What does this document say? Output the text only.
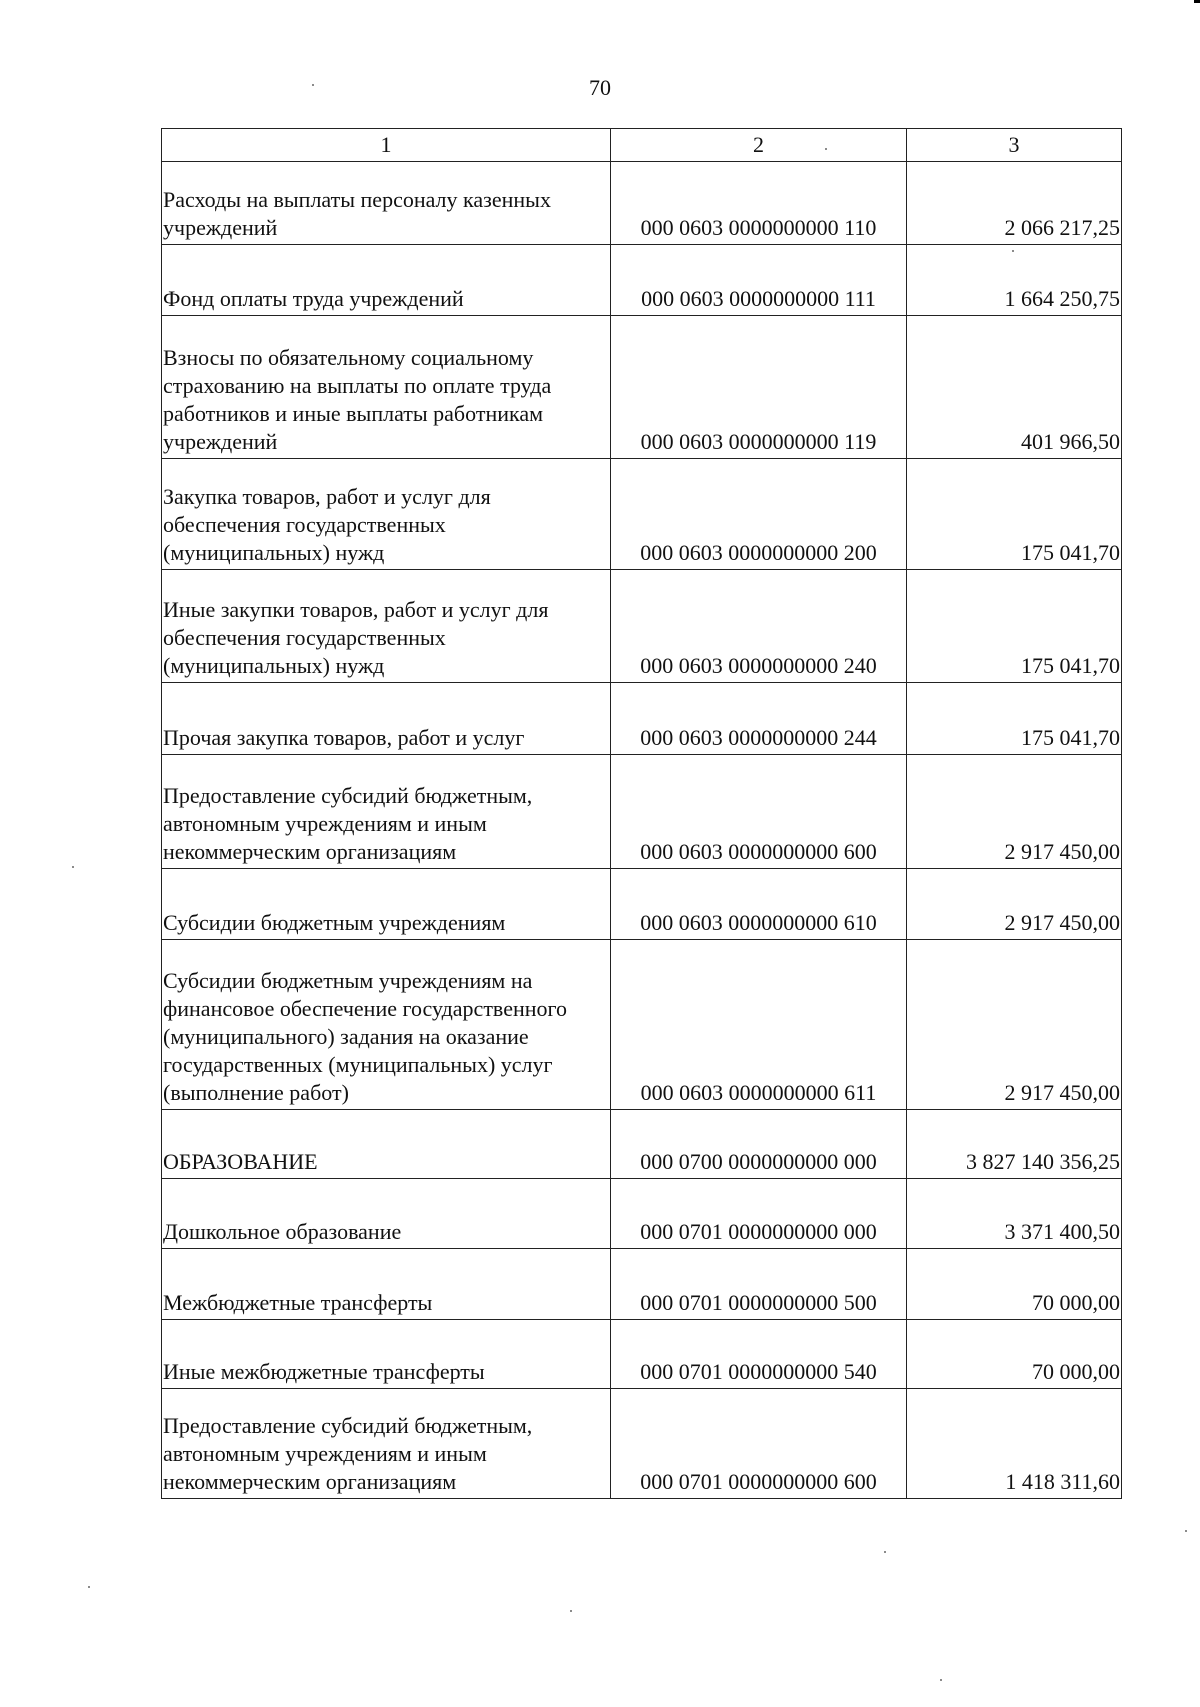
70
1	2	3
Расходы на выплаты персоналу казенных учреждений	000 0603 0000000000 110	2 066 217,25
Фонд оплаты труда учреждений	000 0603 0000000000 111	1 664 250,75
Взносы по обязательному социальному страхованию на выплаты по оплате труда работников и иные выплаты работникам учреждений	000 0603 0000000000 119	401 966,50
Закупка товаров, работ и услуг для обеспечения государственных (муниципальных) нужд	000 0603 0000000000 200	175 041,70
Иные закупки товаров, работ и услуг для обеспечения государственных (муниципальных) нужд	000 0603 0000000000 240	175 041,70
Прочая закупка товаров, работ и услуг	000 0603 0000000000 244	175 041,70
Предоставление субсидий бюджетным, автономным учреждениям и иным некоммерческим организациям	000 0603 0000000000 600	2 917 450,00
Субсидии бюджетным учреждениям	000 0603 0000000000 610	2 917 450,00
Субсидии бюджетным учреждениям на финансовое обеспечение государственного (муниципального) задания на оказание государственных (муниципальных) услуг (выполнение работ)	000 0603 0000000000 611	2 917 450,00
ОБРАЗОВАНИЕ	000 0700 0000000000 000	3 827 140 356,25
Дошкольное образование	000 0701 0000000000 000	3 371 400,50
Межбюджетные трансферты	000 0701 0000000000 500	70 000,00
Иные межбюджетные трансферты	000 0701 0000000000 540	70 000,00
Предоставление субсидий бюджетным, автономным учреждениям и иным некоммерческим организациям	000 0701 0000000000 600	1 418 311,60
